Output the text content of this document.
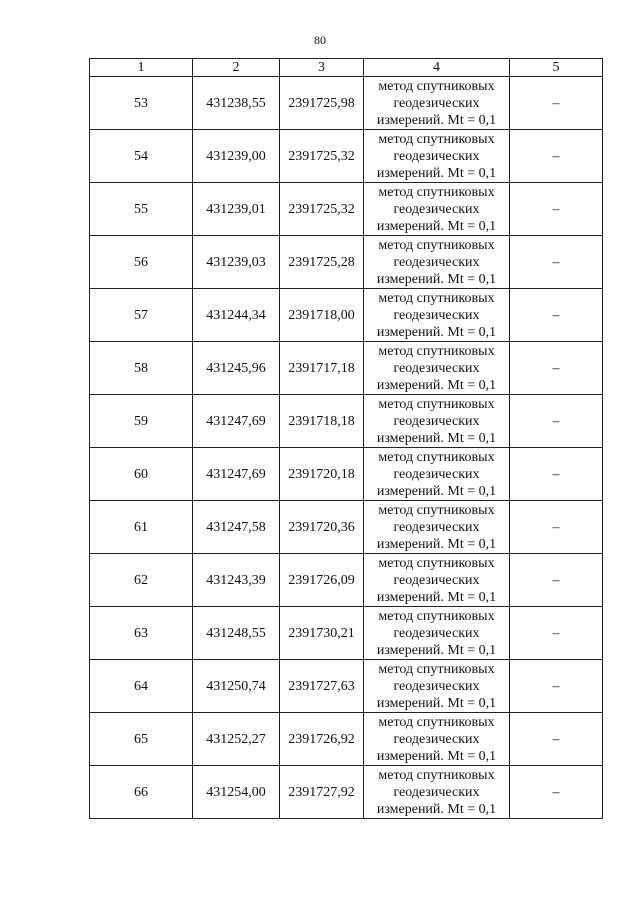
80
1	2	3	4	5
53	431238,55	2391725,98	метод спутниковых
геодезических
измерений. Mt = 0,1	–
54	431239,00	2391725,32	метод спутниковых
геодезических
измерений. Mt = 0,1	–
55	431239,01	2391725,32	метод спутниковых
геодезических
измерений. Mt = 0,1	–
56	431239,03	2391725,28	метод спутниковых
геодезических
измерений. Mt = 0,1	–
57	431244,34	2391718,00	метод спутниковых
геодезических
измерений. Mt = 0,1	–
58	431245,96	2391717,18	метод спутниковых
геодезических
измерений. Mt = 0,1	–
59	431247,69	2391718,18	метод спутниковых
геодезических
измерений. Mt = 0,1	–
60	431247,69	2391720,18	метод спутниковых
геодезических
измерений. Mt = 0,1	–
61	431247,58	2391720,36	метод спутниковых
геодезических
измерений. Mt = 0,1	–
62	431243,39	2391726,09	метод спутниковых
геодезических
измерений. Mt = 0,1	–
63	431248,55	2391730,21	метод спутниковых
геодезических
измерений. Mt = 0,1	–
64	431250,74	2391727,63	метод спутниковых
геодезических
измерений. Mt = 0,1	–
65	431252,27	2391726,92	метод спутниковых
геодезических
измерений. Mt = 0,1	–
66	431254,00	2391727,92	метод спутниковых
геодезических
измерений. Mt = 0,1	–
